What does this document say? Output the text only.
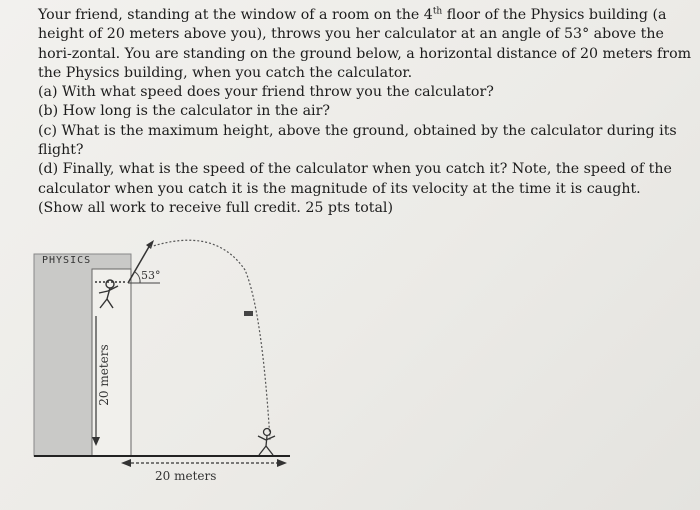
Your friend, standing at the window of a room on the 4th floor of the Physics building (a height of 20 meters above you), throws you her calculator at an angle of 53° above the hori-zontal. You are standing on the ground below, a horizontal distance of 20 meters from the Physics building, when you catch the calculator.

(a) With what speed does your friend throw you the calculator?

(b) How long is the calculator in the air?

(c) What is the maximum height, above the ground, obtained by the calculator during its flight?

(d) Finally, what is the speed of the calculator when you catch it? Note, the speed of the calculator when you catch it is the magnitude of its velocity at the time it is caught.

(Show all work to receive full credit. 25 pts total)

PHYSICS
53°
20 meters
20 meters
